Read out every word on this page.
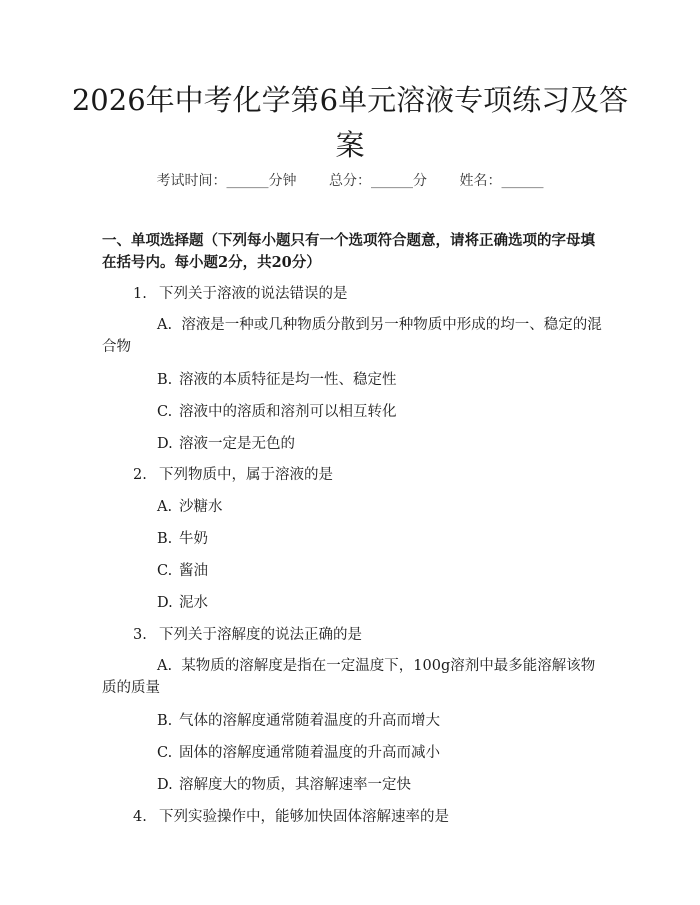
2026年中考化学第6单元溶液专项练习及答案
考试时间：______分钟 总分：______分 姓名：______

一、单项选择题（下列每小题只有一个选项符合题意，请将正确选项的字母填在括号内。每小题2分，共20分）

1. 下列关于溶液的说法错误的是
A. 溶液是一种或几种物质分散到另一种物质中形成的均一、稳定的混合物
B. 溶液的本质特征是均一性、稳定性
C. 溶液中的溶质和溶剂可以相互转化
D. 溶液一定是无色的
2. 下列物质中，属于溶液的是
A. 沙糖水
B. 牛奶
C. 酱油
D. 泥水
3. 下列关于溶解度的说法正确的是
A. 某物质的溶解度是指在一定温度下，100g溶剂中最多能溶解该物质的质量
B. 气体的溶解度通常随着温度的升高而增大
C. 固体的溶解度通常随着温度的升高而减小
D. 溶解度大的物质，其溶解速率一定快
4. 下列实验操作中，能够加快固体溶解速率的是
